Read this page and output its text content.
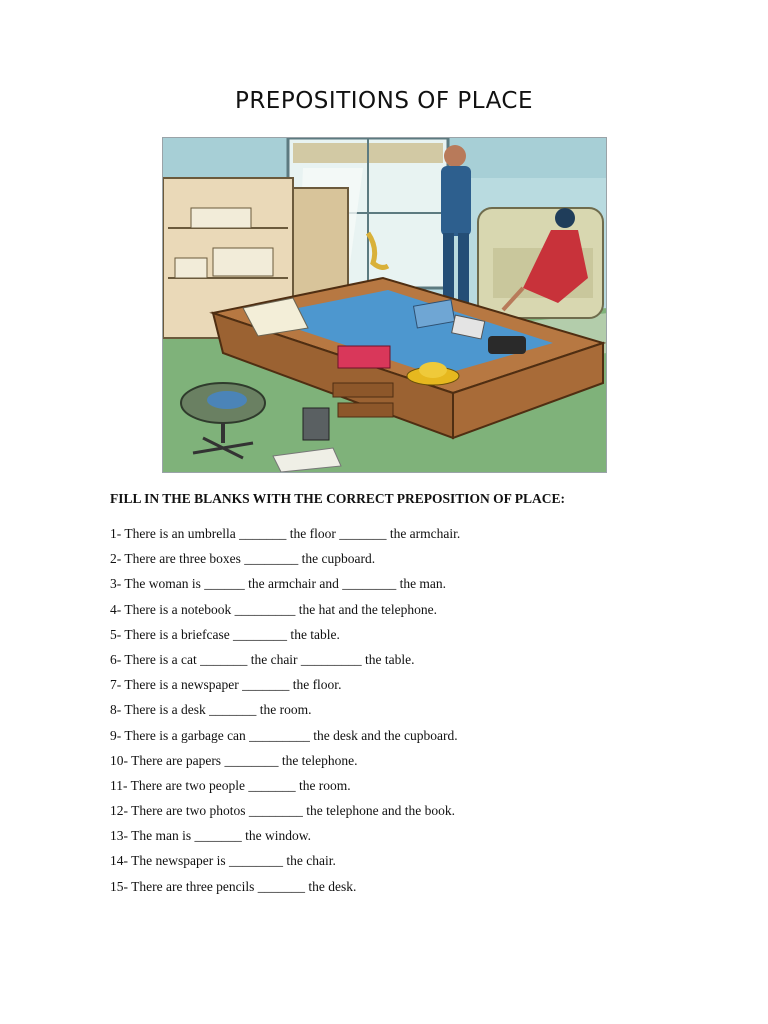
PREPOSITIONS OF PLACE

FILL IN THE BLANKS WITH THE CORRECT PREPOSITION OF PLACE:

1- There is an umbrella _______ the floor _______ the armchair.
2- There are three boxes ________ the cupboard.
3- The woman is ______ the armchair and ________ the man.
4- There is a notebook _________ the hat and the telephone.
5- There is a briefcase ________ the table.
6- There is a cat _______ the chair _________ the table.
7- There is a newspaper _______ the floor.
8- There is a desk _______ the room.
9- There is a garbage can _________ the desk and the cupboard.
10- There are papers ________ the telephone.
11- There are two people _______ the room.
12- There are two photos ________ the telephone and the book.
13- The man is _______ the window.
14- The newspaper is ________ the chair.
15- There are three pencils _______ the desk.
